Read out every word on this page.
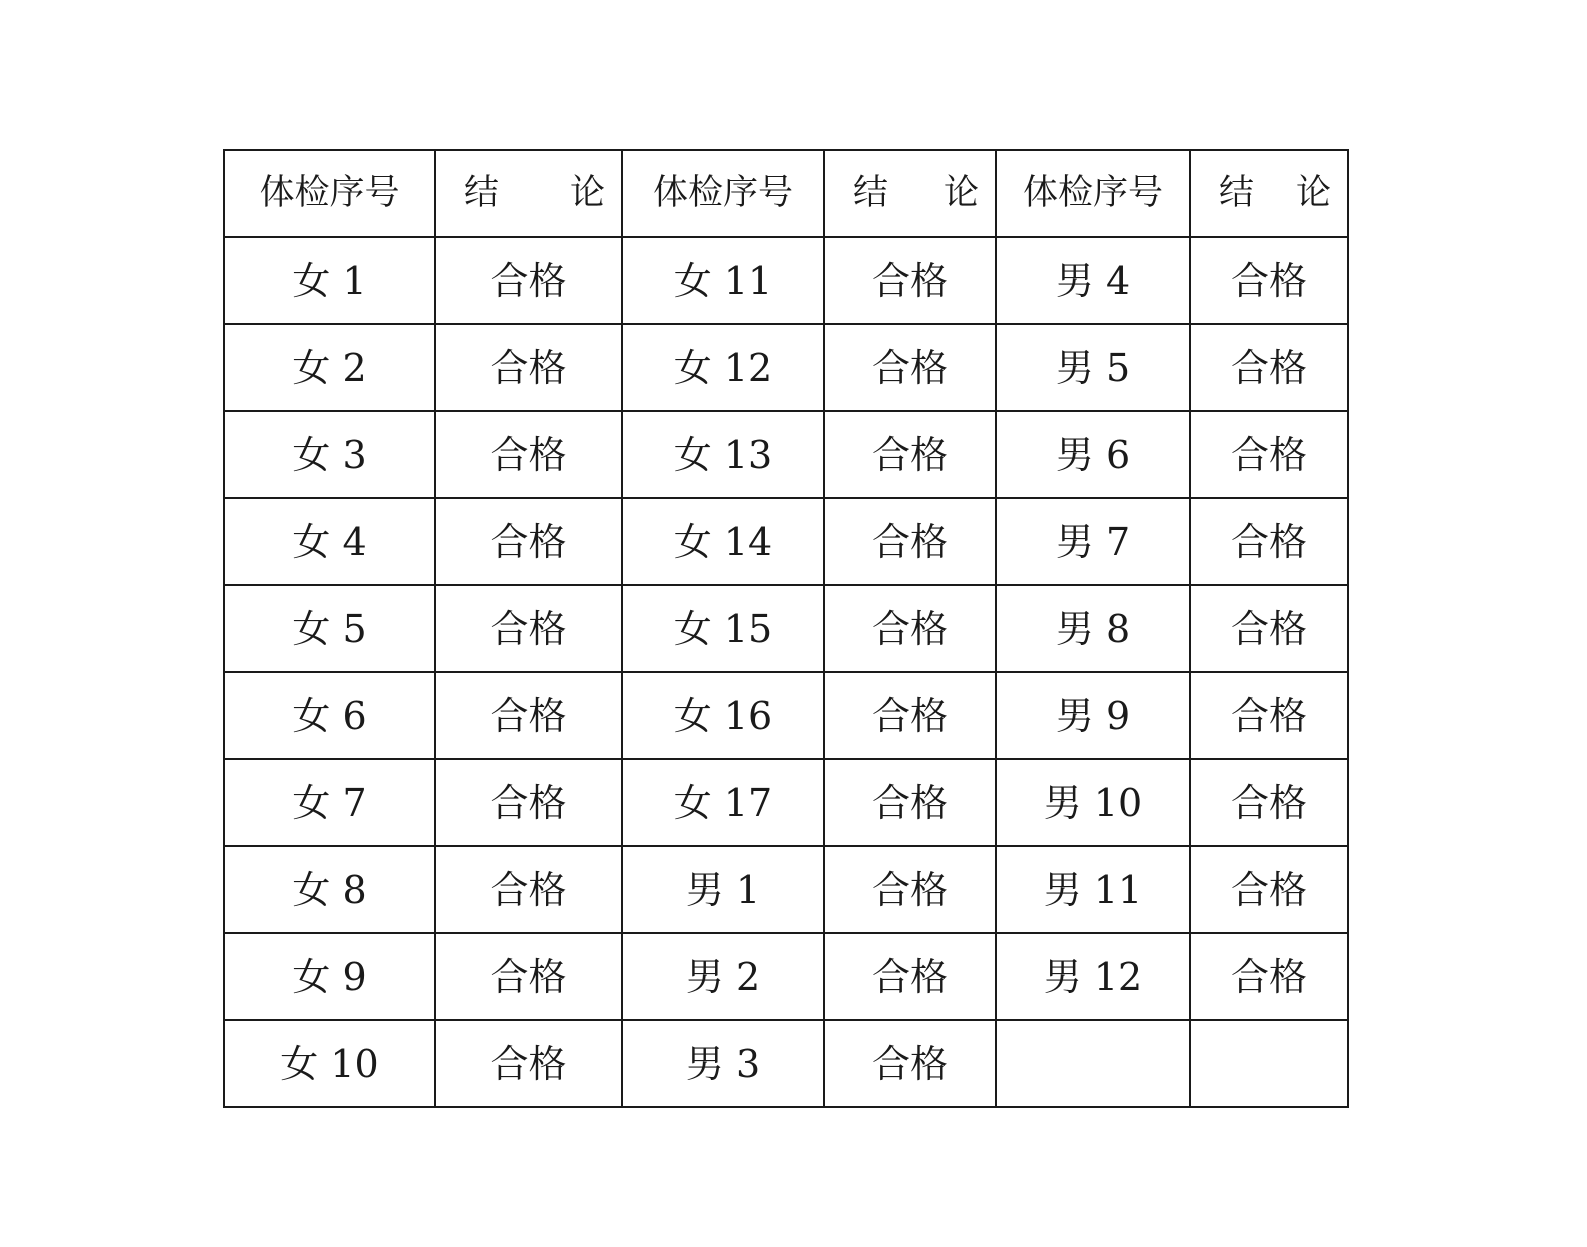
体检序号	结 论	体检序号	结 论	体检序号	结 论

女 1	合格	女 11	合格	男 4	合格
女 2	合格	女 12	合格	男 5	合格
女 3	合格	女 13	合格	男 6	合格
女 4	合格	女 14	合格	男 7	合格
女 5	合格	女 15	合格	男 8	合格
女 6	合格	女 16	合格	男 9	合格
女 7	合格	女 17	合格	男 10	合格
女 8	合格	男 1	合格	男 11	合格
女 9	合格	男 2	合格	男 12	合格
女 10	合格	男 3	合格		
